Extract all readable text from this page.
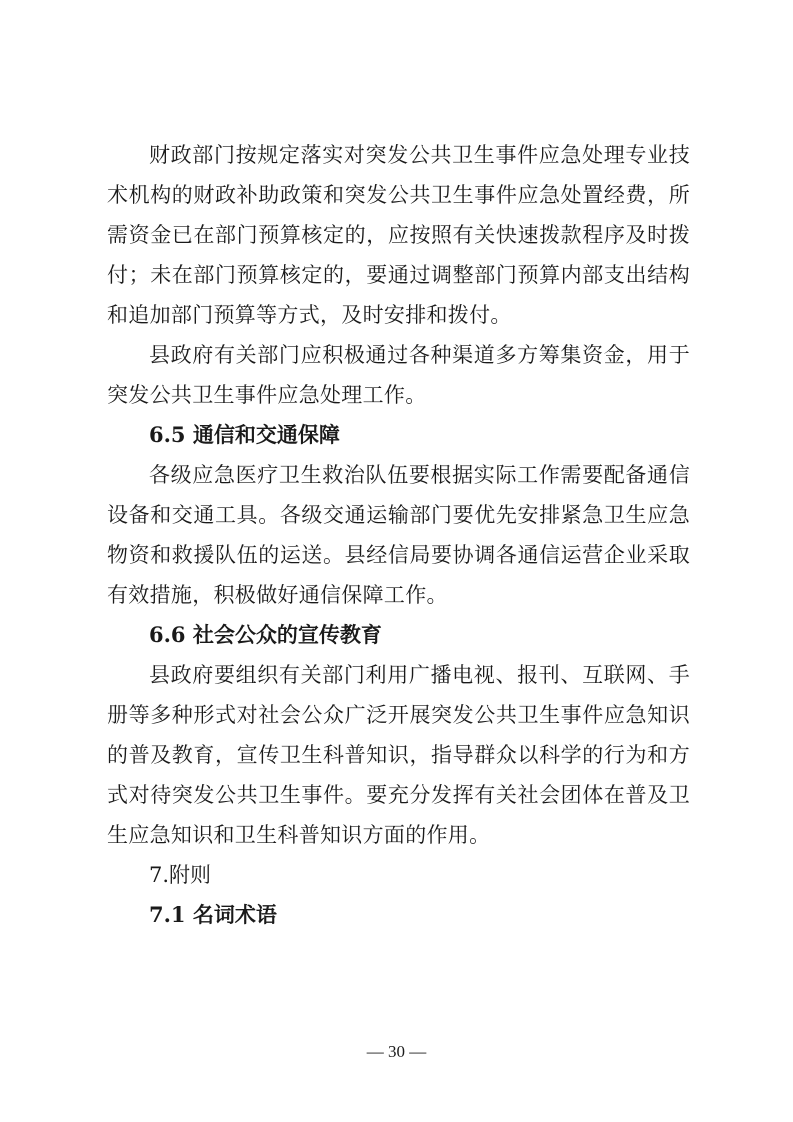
财政部门按规定落实对突发公共卫生事件应急处理专业技术机构的财政补助政策和突发公共卫生事件应急处置经费，所需资金已在部门预算核定的，应按照有关快速拨款程序及时拨付；未在部门预算核定的，要通过调整部门预算内部支出结构和追加部门预算等方式，及时安排和拨付。

县政府有关部门应积极通过各种渠道多方筹集资金，用于突发公共卫生事件应急处理工作。

6.5 通信和交通保障

各级应急医疗卫生救治队伍要根据实际工作需要配备通信设备和交通工具。各级交通运输部门要优先安排紧急卫生应急物资和救援队伍的运送。县经信局要协调各通信运营企业采取有效措施，积极做好通信保障工作。

6.6 社会公众的宣传教育

县政府要组织有关部门利用广播电视、报刊、互联网、手册等多种形式对社会公众广泛开展突发公共卫生事件应急知识的普及教育，宣传卫生科普知识，指导群众以科学的行为和方式对待突发公共卫生事件。要充分发挥有关社会团体在普及卫生应急知识和卫生科普知识方面的作用。

7.附则

7.1 名词术语

— 30 —
